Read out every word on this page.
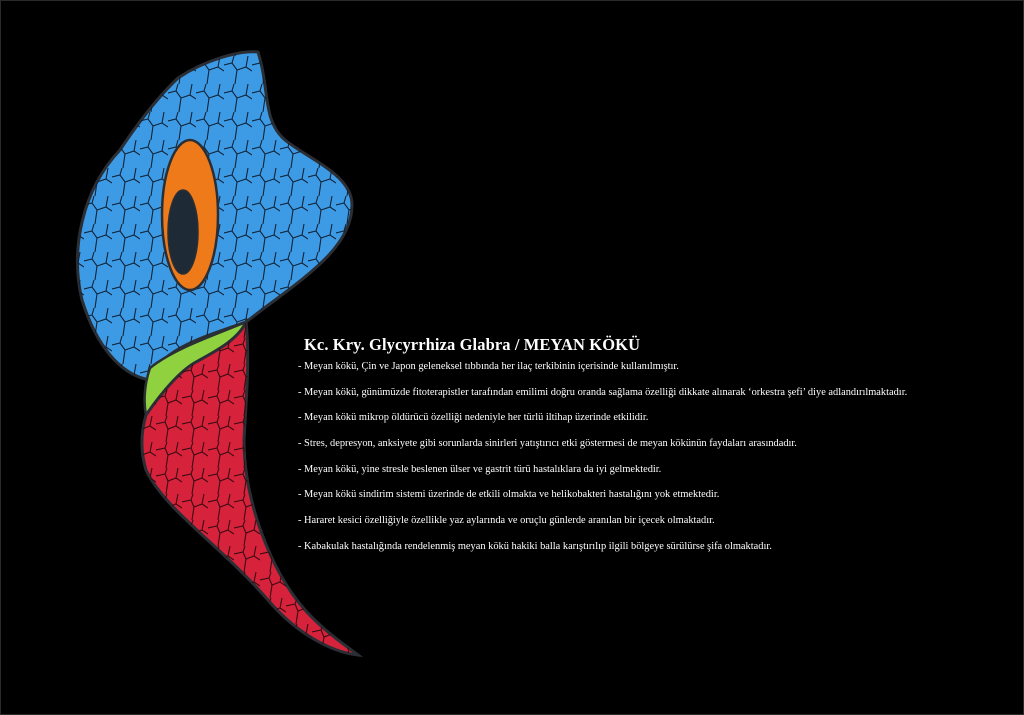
Kc. Kry. Glycyrrhiza Glabra / MEYAN KÖKÜ
- Meyan kökü, Çin ve Japon geleneksel tıbbında her ilaç terkibinin içerisinde kullanılmıştır.
- Meyan kökü, günümüzde fitoterapistler tarafından emilimi doğru oranda sağlama özelliği dikkate alınarak ‘orkestra şefi’ diye adlandırılmaktadır.
- Meyan kökü mikrop öldürücü özelliği nedeniyle her türlü iltihap üzerinde etkilidir.
- Stres, depresyon, anksiyete gibi sorunlarda sinirleri yatıştırıcı etki göstermesi de meyan kökünün faydaları arasındadır.
- Meyan kökü, yine stresle beslenen ülser ve gastrit türü hastalıklara da iyi gelmektedir.
- Meyan kökü sindirim sistemi üzerinde de etkili olmakta ve helikobakteri hastalığını yok etmektedir.
- Hararet kesici özelliğiyle özellikle yaz aylarında ve oruçlu günlerde aranılan bir içecek olmaktadır.
- Kabakulak hastalığında rendelenmiş meyan kökü hakiki balla karıştırılıp ilgili bölgeye sürülürse şifa olmaktadır.
